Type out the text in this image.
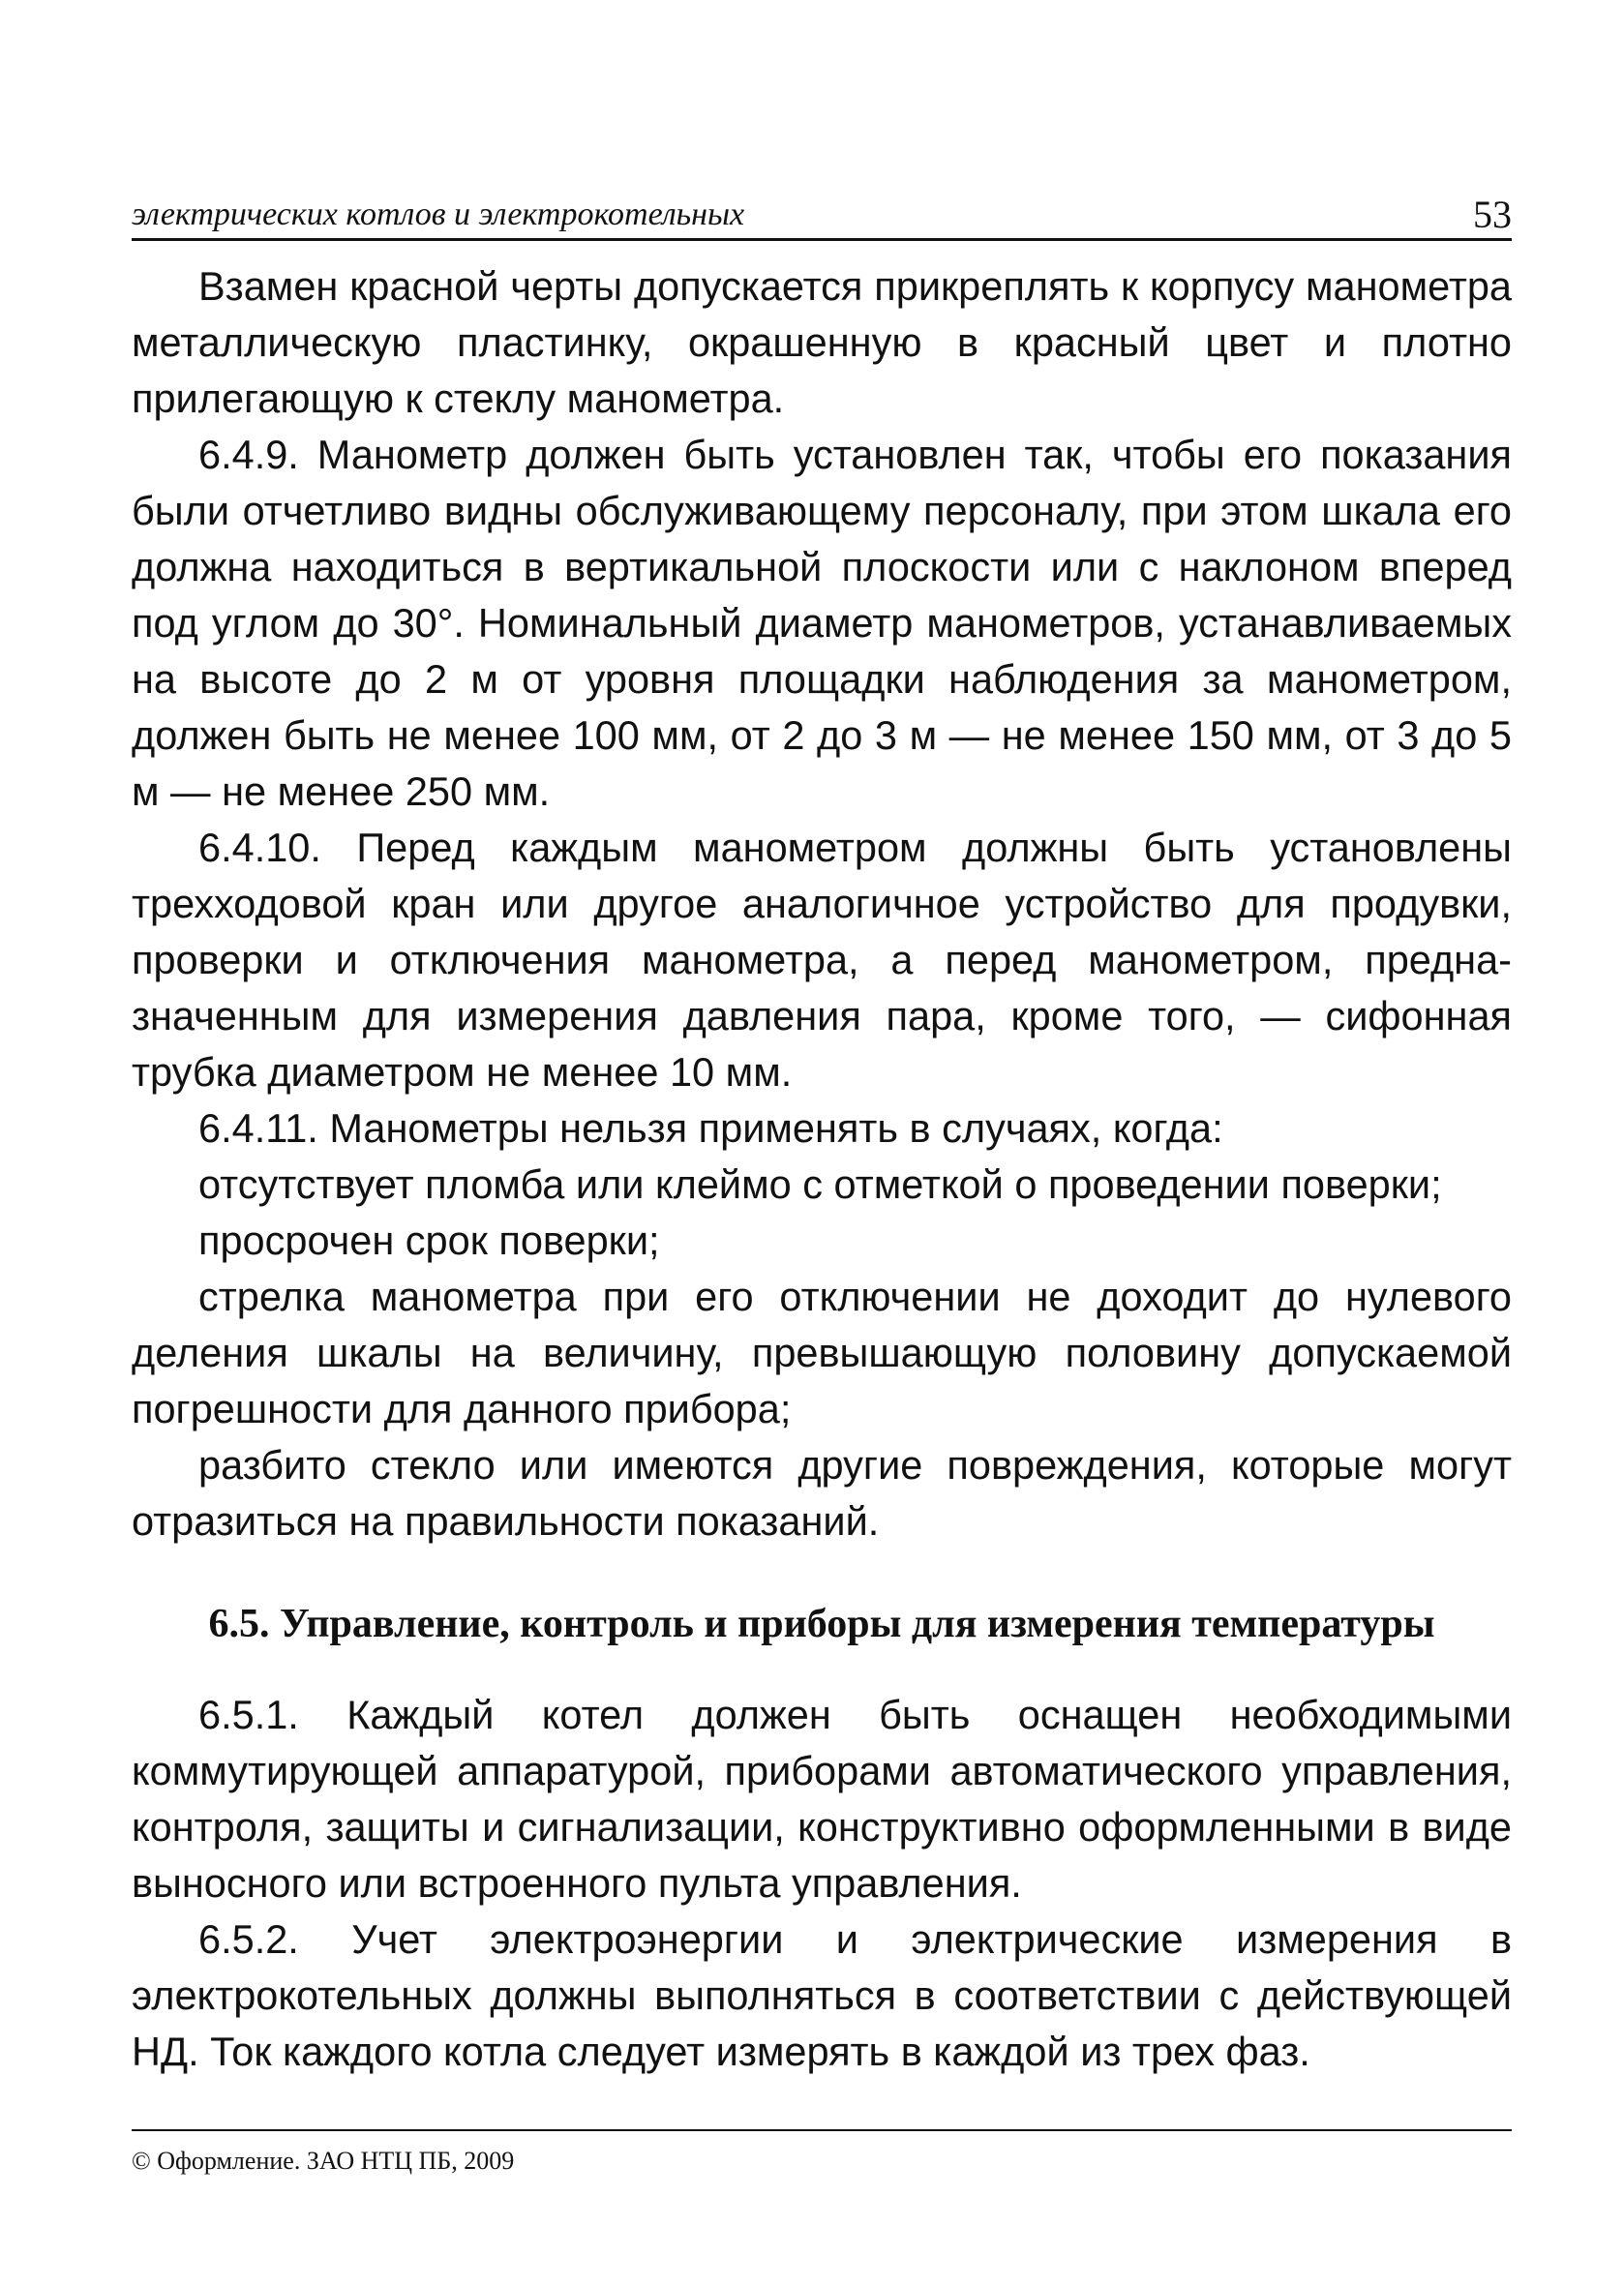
электрических котлов и электрокотельных	53

Взамен красной черты допускается прикреплять к корпусу манометра металлическую пластинку, окрашенную в красный цвет и плотно прилегающую к стеклу манометра.

6.4.9. Манометр должен быть установлен так, чтобы его показания были отчетливо видны обслуживающему персоналу, при этом шкала его должна находиться в вертикальной плоскости или с наклоном вперед под углом до 30°. Номинальный диаметр манометров, устанавливаемых на высоте до 2 м от уровня площадки наблюдения за манометром, должен быть не менее 100 мм, от 2 до 3 м — не менее 150 мм, от 3 до 5 м — не менее 250 мм.

6.4.10. Перед каждым манометром должны быть установлены трехходовой кран или другое аналогичное устройство для продувки, проверки и отключения манометра, а перед манометром, предназначенным для измерения давления пара, кроме того, — сифонная трубка диаметром не менее 10 мм.

6.4.11. Манометры нельзя применять в случаях, когда:

отсутствует пломба или клеймо с отметкой о проведении поверки;

просрочен срок поверки;

стрелка манометра при его отключении не доходит до нулевого деления шкалы на величину, превышающую половину допускаемой погрешности для данного прибора;

разбито стекло или имеются другие повреждения, которые могут отразиться на правильности показаний.

6.5. Управление, контроль и приборы для измерения температуры

6.5.1. Каждый котел должен быть оснащен необходимыми коммутирующей аппаратурой, приборами автоматического управления, контроля, защиты и сигнализации, конструктивно оформленными в виде выносного или встроенного пульта управления.

6.5.2. Учет электроэнергии и электрические измерения в электрокотельных должны выполняться в соответствии с действующей НД. Ток каждого котла следует измерять в каждой из трех фаз.

© Оформление. ЗАО НТЦ ПБ, 2009
